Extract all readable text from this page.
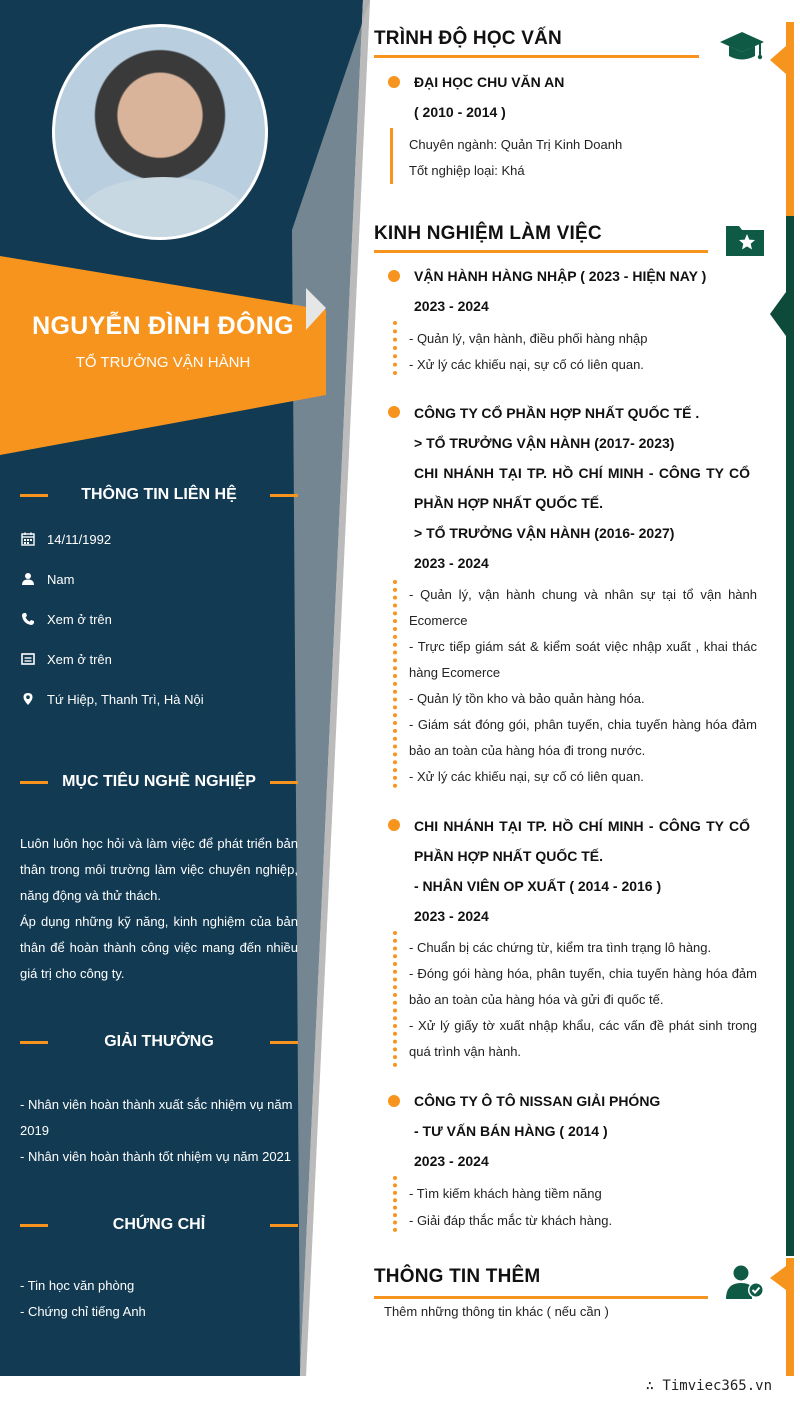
NGUYỄN ĐÌNH ĐÔNG
TỔ TRƯỞNG VẬN HÀNH
THÔNG TIN LIÊN HỆ
14/11/1992
Nam
Xem ở trên
Xem ở trên
Tứ Hiệp, Thanh Trì, Hà Nội
MỤC TIÊU NGHỀ NGHIỆP
Luôn luôn học hỏi và làm việc để phát triển bản thân trong môi trường làm việc chuyên nghiệp, năng động và thử thách.
Áp dụng những kỹ năng, kinh nghiệm của bản thân để hoàn thành công việc mang đến nhiều giá trị cho công ty.
GIẢI THƯỞNG
- Nhân viên hoàn thành xuất sắc nhiệm vụ năm 2019
- Nhân viên hoàn thành tốt nhiệm vụ năm 2021
CHỨNG CHỈ
- Tin học văn phòng
- Chứng chỉ tiếng Anh
TRÌNH ĐỘ HỌC VẤN
ĐẠI HỌC CHU VĂN AN
( 2010 - 2014 )
Chuyên ngành: Quản Trị Kinh Doanh
Tốt nghiệp loại: Khá
KINH NGHIỆM LÀM VIỆC
VẬN HÀNH HÀNG NHẬP ( 2023 - HIỆN NAY )
2023 - 2024
- Quản lý, vận hành, điều phối hàng nhập
- Xử lý các khiếu nại, sự cố có liên quan.
CÔNG TY CỔ PHẦN HỢP NHẤT QUỐC TẾ .
> TỔ TRƯỞNG VẬN HÀNH (2017- 2023)
CHI NHÁNH TẠI TP. HỒ CHÍ MINH - CÔNG TY CỔ PHẦN HỢP NHẤT QUỐC TẾ.
> TỔ TRƯỞNG VẬN HÀNH (2016- 2027)
2023 - 2024
- Quản lý, vận hành chung và nhân sự tại tổ vận hành Ecomerce
- Trực tiếp giám sát & kiểm soát việc nhập xuất , khai thác hàng Ecomerce
- Quản lý tồn kho và bảo quản hàng hóa.
- Giám sát đóng gói, phân tuyến, chia tuyến hàng hóa đảm bảo an toàn của hàng hóa đi trong nước.
- Xử lý các khiếu nại, sự cố có liên quan.
CHI NHÁNH TẠI TP. HỒ CHÍ MINH - CÔNG TY CỔ PHẦN HỢP NHẤT QUỐC TẾ.
- NHÂN VIÊN OP XUẤT ( 2014 - 2016 )
2023 - 2024
- Chuẩn bị các chứng từ, kiểm tra tình trạng lô hàng.
- Đóng gói hàng hóa, phân tuyến, chia tuyến hàng hóa đảm bảo an toàn của hàng hóa và gửi đi quốc tế.
- Xử lý giấy tờ xuất nhập khẩu, các vấn đề phát sinh trong quá trình vận hành.
CÔNG TY Ô TÔ NISSAN GIẢI PHÓNG
- TƯ VẤN BÁN HÀNG ( 2014 )
2023 - 2024
- Tìm kiếm khách hàng tiềm năng
- Giải đáp thắc mắc từ khách hàng.
THÔNG TIN THÊM
Thêm những thông tin khác ( nếu cần )
∴ Timviec365.vn
